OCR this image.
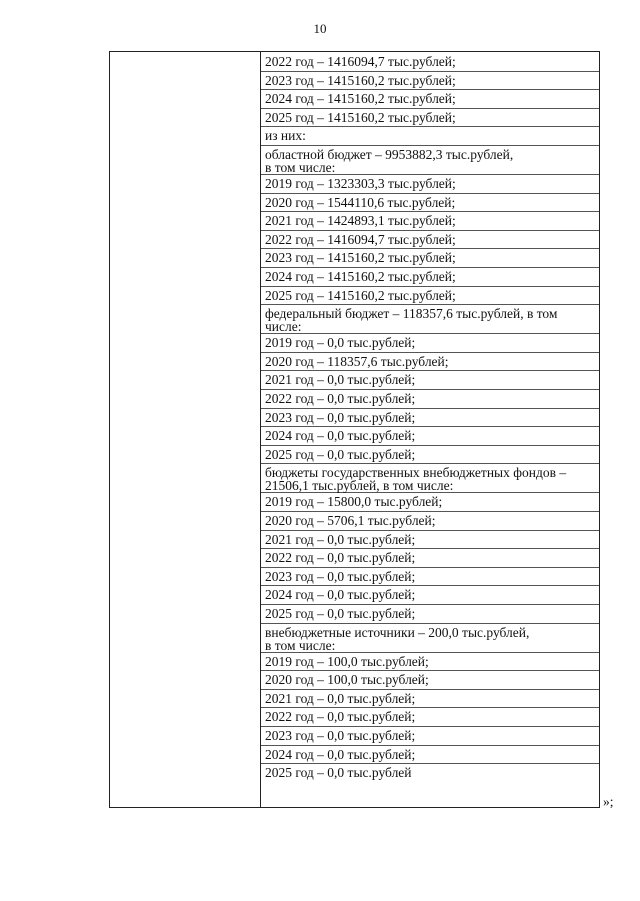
10
2022 год – 1416094,7 тыс.рублей;
2023 год – 1415160,2 тыс.рублей;
2024 год – 1415160,2 тыс.рублей;
2025 год – 1415160,2 тыс.рублей;
из них:
областной бюджет – 9953882,3 тыс.рублей,
в том числе:
2019 год – 1323303,3 тыс.рублей;
2020 год – 1544110,6 тыс.рублей;
2021 год – 1424893,1 тыс.рублей;
2022 год – 1416094,7 тыс.рублей;
2023 год – 1415160,2 тыс.рублей;
2024 год – 1415160,2 тыс.рублей;
2025 год – 1415160,2 тыс.рублей;
федеральный бюджет – 118357,6 тыс.рублей, в том
числе:
2019 год – 0,0 тыс.рублей;
2020 год – 118357,6 тыс.рублей;
2021 год – 0,0 тыс.рублей;
2022 год – 0,0 тыс.рублей;
2023 год – 0,0 тыс.рублей;
2024 год – 0,0 тыс.рублей;
2025 год – 0,0 тыс.рублей;
бюджеты государственных внебюджетных фондов –
21506,1 тыс.рублей, в том числе:
2019 год – 15800,0 тыс.рублей;
2020 год – 5706,1 тыс.рублей;
2021 год – 0,0 тыс.рублей;
2022 год – 0,0 тыс.рублей;
2023 год – 0,0 тыс.рублей;
2024 год – 0,0 тыс.рублей;
2025 год – 0,0 тыс.рублей;
внебюджетные источники – 200,0 тыс.рублей,
в том числе:
2019 год – 100,0 тыс.рублей;
2020 год – 100,0 тыс.рублей;
2021 год – 0,0 тыс.рублей;
2022 год – 0,0 тыс.рублей;
2023 год – 0,0 тыс.рублей;
2024 год – 0,0 тыс.рублей;
2025 год – 0,0 тыс.рублей
»;
